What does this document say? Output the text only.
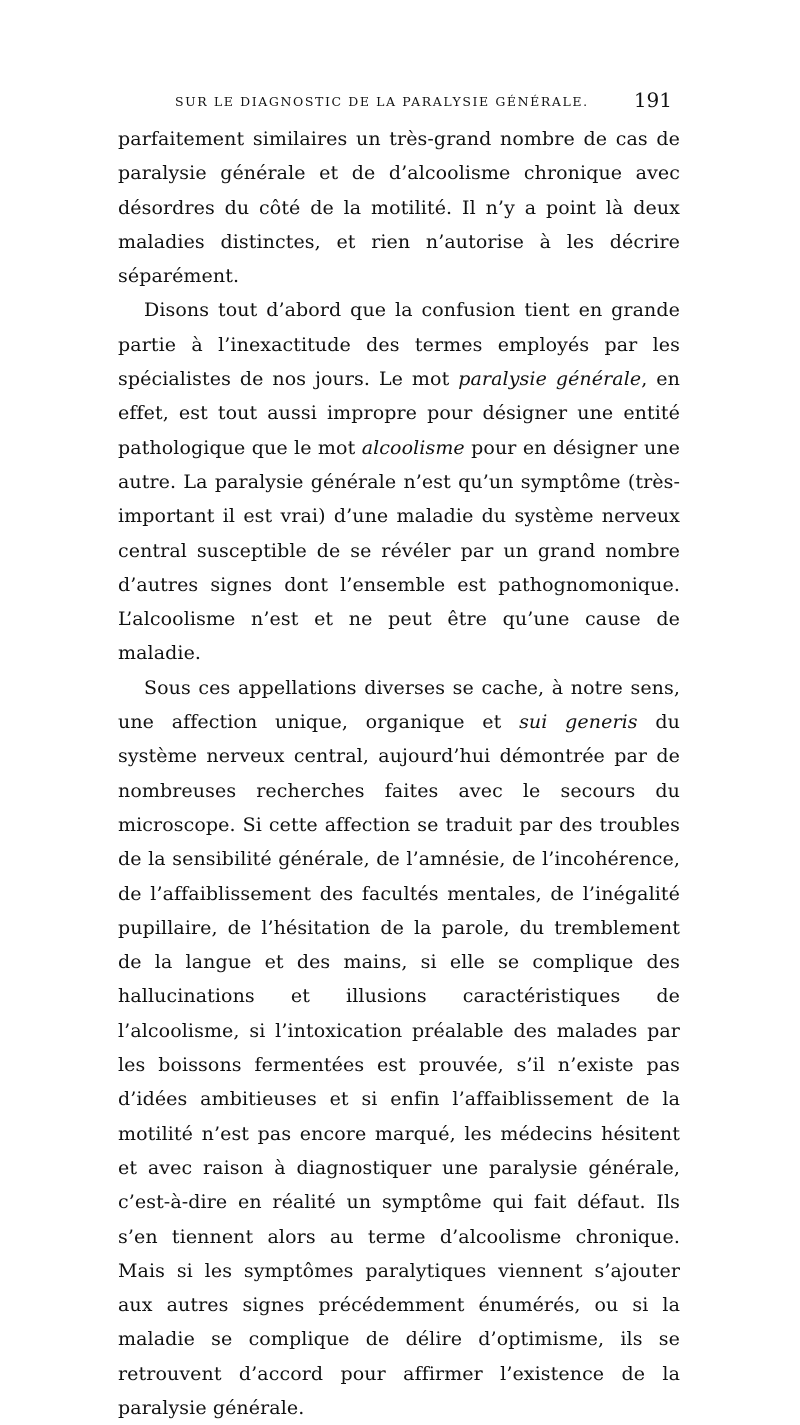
SUR LE DIAGNOSTIC DE LA PARALYSIE GÉNÉRALE. 191

parfaitement similaires un très-grand nombre de cas de paralysie générale et de d’alcoolisme chronique avec désordres du côté de la motilité. Il n’y a point là deux maladies distinctes, et rien n’autorise à les décrire séparément.

Disons tout d’abord que la confusion tient en grande partie à l’inexactitude des termes employés par les spécialistes de nos jours. Le mot paralysie générale, en effet, est tout aussi impropre pour désigner une entité pathologique que le mot alcoolisme pour en désigner une autre. La paralysie générale n’est qu’un symptôme (très-important il est vrai) d’une maladie du système nerveux central susceptible de se révéler par un grand nombre d’autres signes dont l’ensemble est pathognomonique. L’alcoolisme n’est et ne peut être qu’une cause de maladie.

Sous ces appellations diverses se cache, à notre sens, une affection unique, organique et sui generis du système nerveux central, aujourd’hui démontrée par de nombreuses recherches faites avec le secours du microscope. Si cette affection se traduit par des troubles de la sensibilité générale, de l’amnésie, de l’incohérence, de l’affaiblissement des facultés mentales, de l’inégalité pupillaire, de l’hésitation de la parole, du tremblement de la langue et des mains, si elle se complique des hallucinations et illusions caractéristiques de l’alcoolisme, si l’intoxication préalable des malades par les boissons fermentées est prouvée, s’il n’existe pas d’idées ambitieuses et si enfin l’affaiblissement de la motilité n’est pas encore marqué, les médecins hésitent et avec raison à diagnostiquer une paralysie générale, c’est-à-dire en réalité un symptôme qui fait défaut. Ils s’en tiennent alors au terme d’alcoolisme chronique. Mais si les symptômes paralytiques viennent s’ajouter aux autres signes précédemment énumérés, ou si la maladie se complique de délire d’optimisme, ils se retrouvent d’accord pour affirmer l’existence de la paralysie générale.
